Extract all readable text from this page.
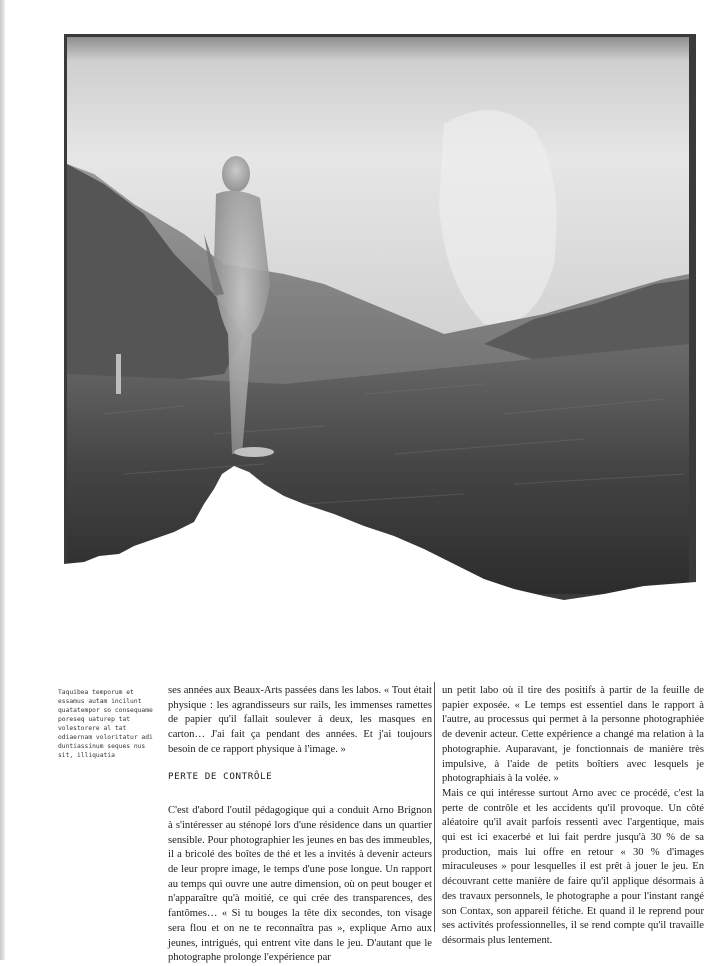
Taquibea temporum et essamus autam incilunt quatatempor so consequame poreseq uaturep tat volestorere al tat odiaernam voloritatur adi duntiassinum seques nus sit, illiquatia

ses années aux Beaux-Arts passées dans les labos. « Tout était physique : les agrandisseurs sur rails, les immenses ramettes de papier qu'il fallait soulever à deux, les masques en carton… J'ai fait ça pendant des années. Et j'ai toujours besoin de ce rapport physique à l'image. »

PERTE DE CONTRÔLE

C'est d'abord l'outil pédagogique qui a conduit Arno Brignon à s'intéresser au sténopé lors d'une résidence dans un quartier sensible. Pour photographier les jeunes en bas des immeubles, il a bricolé des boîtes de thé et les a invités à devenir acteurs de leur propre image, le temps d'une pose longue. Un rapport au temps qui ouvre une autre dimension, où on peut bouger et n'apparaître qu'à moitié, ce qui crée des transparences, des fantômes… « Si tu bouges la tête dix secondes, ton visage sera flou et on ne te reconnaîtra pas », explique Arno aux jeunes, intrigués, qui entrent vite dans le jeu. D'autant que le photographe prolonge l'expérience par

un petit labo où il tire des positifs à partir de la feuille de papier exposée. « Le temps est essentiel dans le rapport à l'autre, au processus qui permet à la personne photographiée de devenir acteur. Cette expérience a changé ma relation à la photographie. Auparavant, je fonctionnais de manière très impulsive, à l'aide de petits boîtiers avec lesquels je photographiais à la volée. »

Mais ce qui intéresse surtout Arno avec ce procédé, c'est la perte de contrôle et les accidents qu'il provoque. Un côté aléatoire qu'il avait parfois ressenti avec l'argentique, mais qui est ici exacerbé et lui fait perdre jusqu'à 30 % de sa production, mais lui offre en retour « 30 % d'images miraculeuses » pour lesquelles il est prêt à jouer le jeu. En découvrant cette manière de faire qu'il applique désormais à des travaux personnels, le photographe a pour l'instant rangé son Contax, son appareil fétiche. Et quand il le reprend pour ses activités professionnelles, il se rend compte qu'il travaille désormais plus lentement.
